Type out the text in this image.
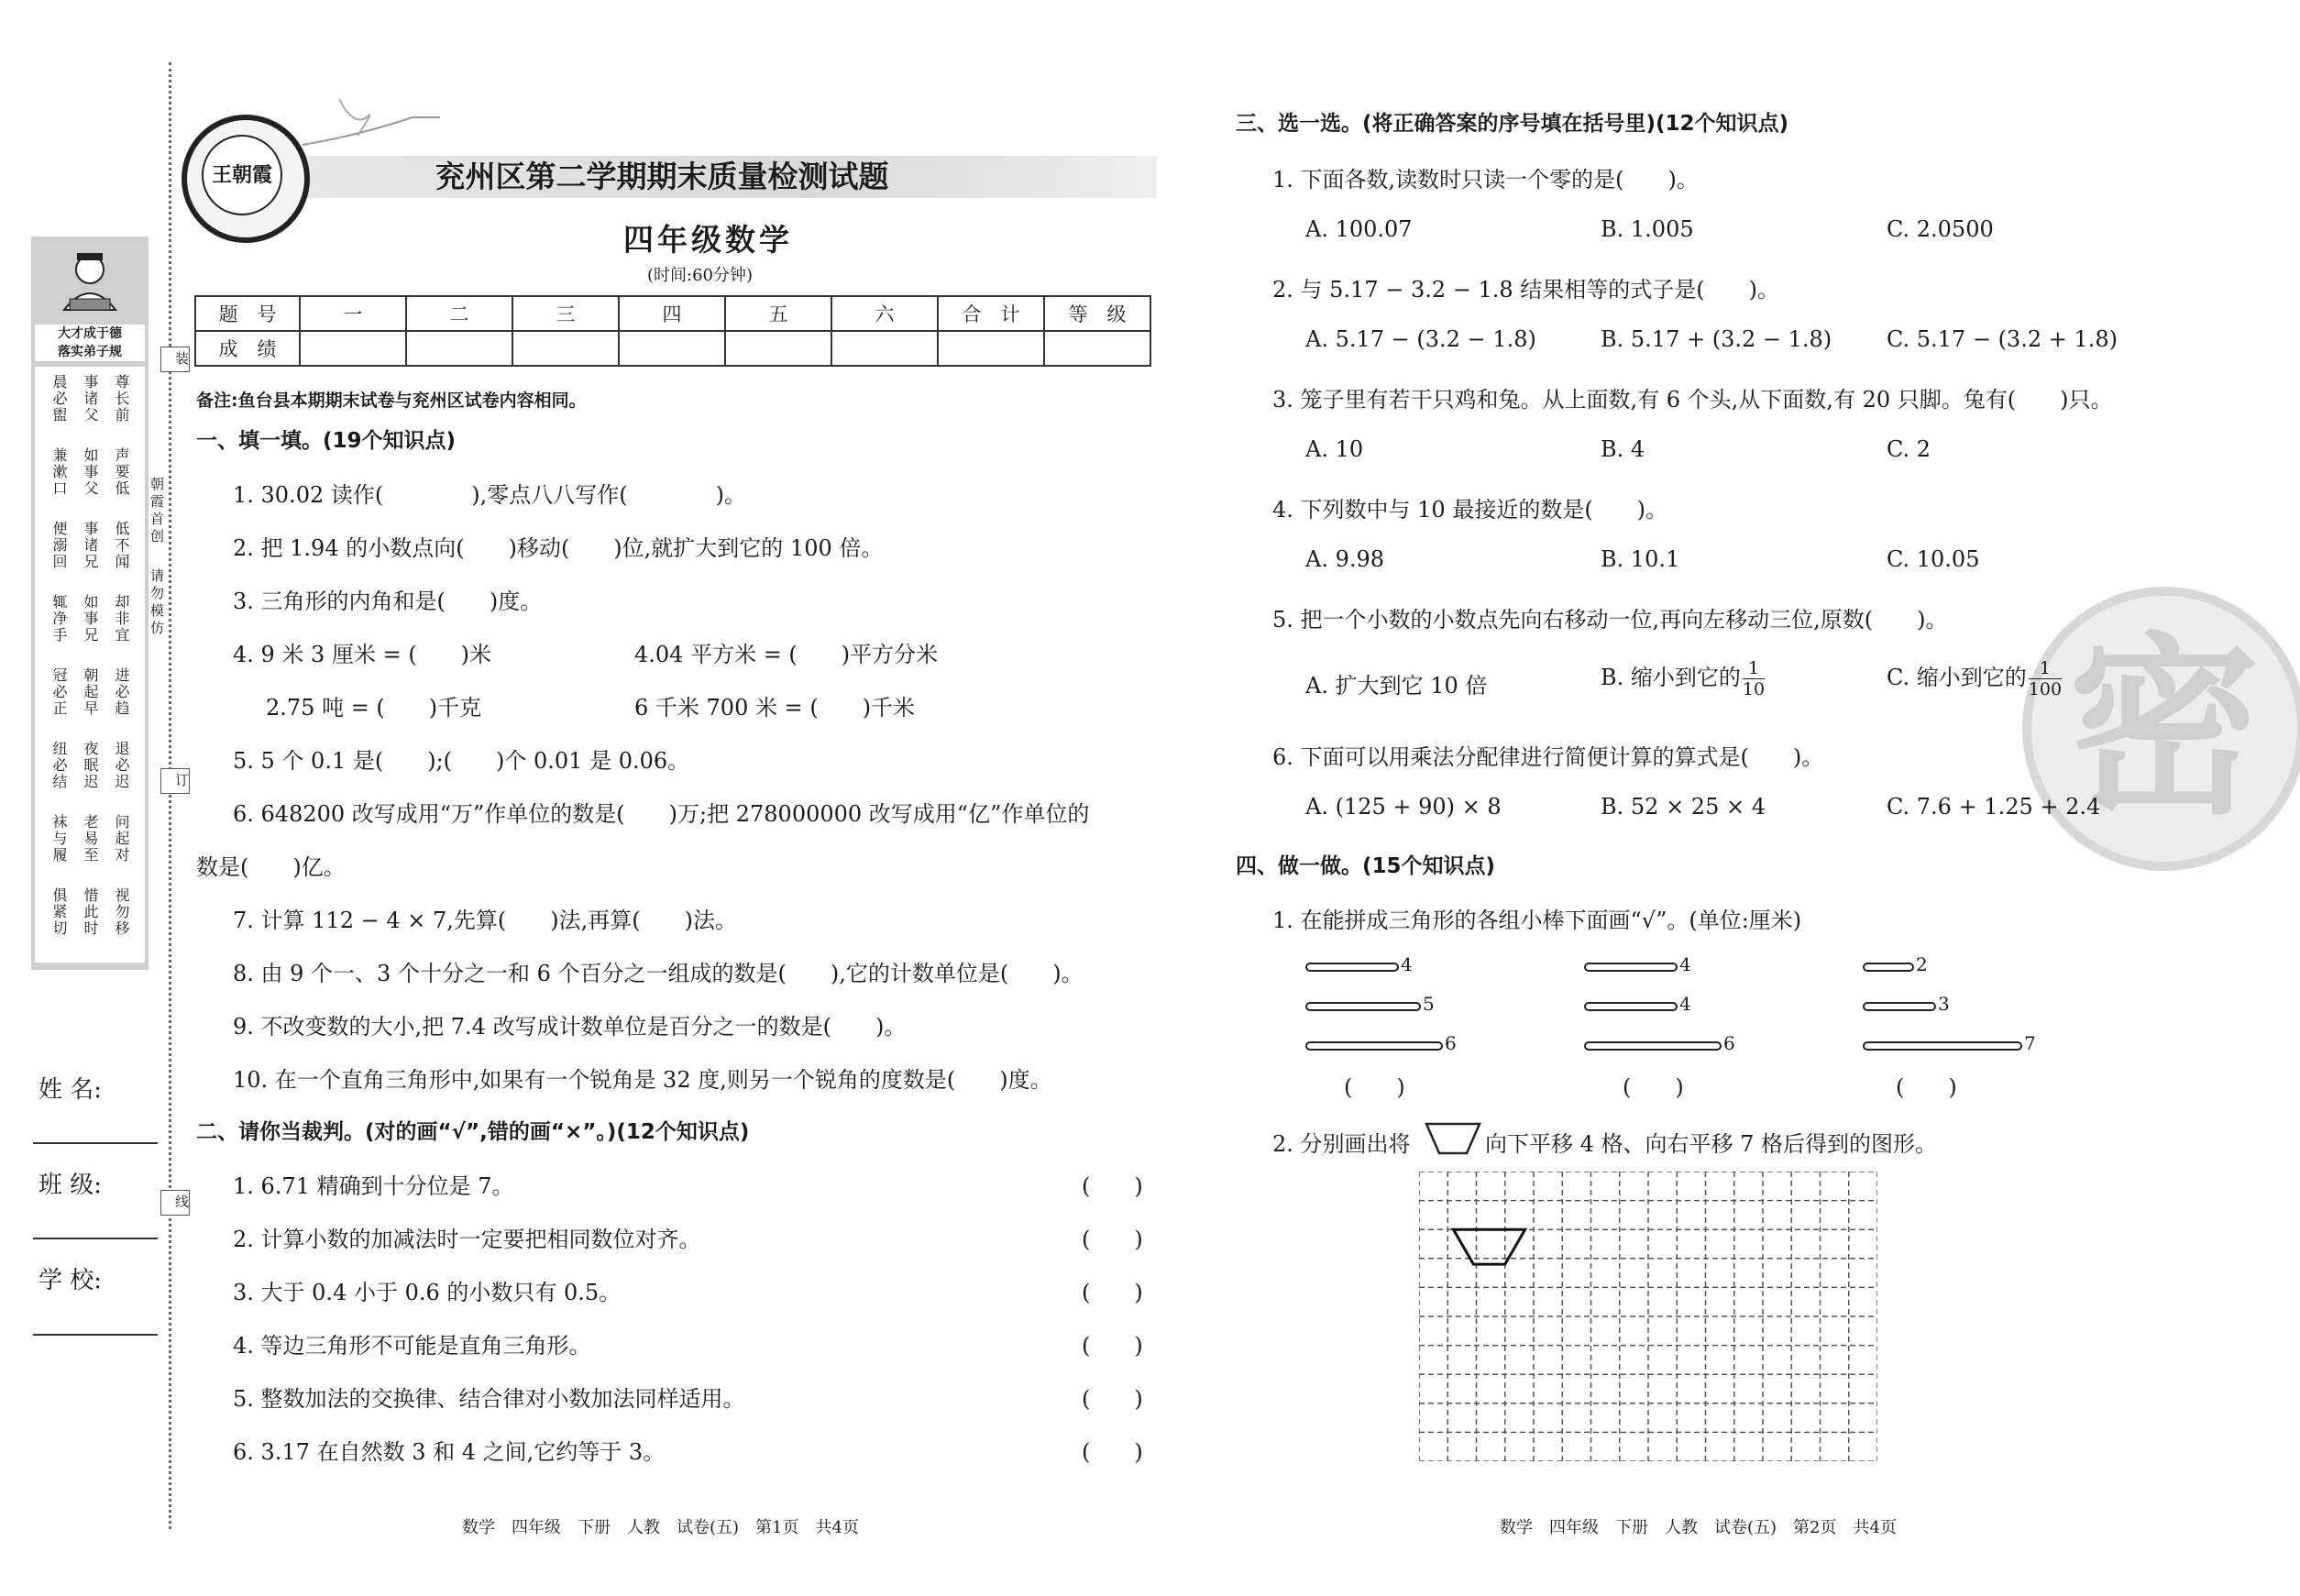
大才成于德
落实弟子规
晨必盥 事诸父 尊长前
兼漱口 如事父 声要低
便溺回 事诸兄 低不闻
辄净手 如事兄 却非宜
冠必正 朝起早 进必趋
纽必结 夜眠迟 退必迟
袜与履 老易至 问起对
俱紧切 惜此时 视勿移
装
订
线
朝霞首创
请勿模仿
姓 名:
班 级:
学 校:
兖州区第二学期期末质量检测试题
王朝霞
四年级数学
(时间:60分钟)
题　号	一	二	三	四	五	六	合　计	等　级
成　绩								
备注:鱼台县本期期末试卷与兖州区试卷内容相同。
一、填一填。(19个知识点)
1. 30.02 读作(　　　　),零点八八写作(　　　　)。
2. 把 1.94 的小数点向(　　)移动(　　)位,就扩大到它的 100 倍。
3. 三角形的内角和是(　　)度。
4. 9 米 3 厘米 = (　　)米	4.04 平方米 = (　　)平方分米
2.75 吨 = (　　)千克	6 千米 700 米 = (　　)千米
5. 5 个 0.1 是(　　);(　　)个 0.01 是 0.06。
6. 648200 改写成用“万”作单位的数是(　　)万;把 278000000 改写成用“亿”作单位的
数是(　　)亿。
7. 计算 112 − 4 × 7,先算(　　)法,再算(　　)法。
8. 由 9 个一、3 个十分之一和 6 个百分之一组成的数是(　　),它的计数单位是(　　)。
9. 不改变数的大小,把 7.4 改写成计数单位是百分之一的数是(　　)。
10. 在一个直角三角形中,如果有一个锐角是 32 度,则另一个锐角的度数是(　　)度。
二、请你当裁判。(对的画“√”,错的画“×”。)(12个知识点)
1. 6.71 精确到十分位是 7。	(　　)
2. 计算小数的加减法时一定要把相同数位对齐。	(　　)
3. 大于 0.4 小于 0.6 的小数只有 0.5。	(　　)
4. 等边三角形不可能是直角三角形。	(　　)
5. 整数加法的交换律、结合律对小数加法同样适用。	(　　)
6. 3.17 在自然数 3 和 4 之间,它约等于 3。	(　　)
数学　四年级　下册　人教　试卷(五)　第1页　共4页
密
三、选一选。(将正确答案的序号填在括号里)(12个知识点)
1. 下面各数,读数时只读一个零的是(　　)。
A. 100.07	B. 1.005	C. 2.0500
2. 与 5.17 − 3.2 − 1.8 结果相等的式子是(　　)。
A. 5.17 − (3.2 − 1.8)	B. 5.17 + (3.2 − 1.8) C. 5.17 − (3.2 + 1.8)
3. 笼子里有若干只鸡和兔。从上面数,有 6 个头,从下面数,有 20 只脚。兔有(　　)只。
A. 10	B. 4	C. 2
4. 下列数中与 10 最接近的数是(　　)。
A. 9.98	B. 10.1	C. 10.05
5. 把一个小数的小数点先向右移动一位,再向左移动三位,原数(　　)。
A. 扩大到它 10 倍	B. 缩小到它的 $\frac{1}{10}$	C. 缩小到它的 $\frac{1}{100}$
6. 下面可以用乘法分配律进行简便计算的算式是(　　)。
A. (125 + 90) × 8	B. 52 × 25 × 4	C. 7.6 + 1.25 + 2.4
四、做一做。(15个知识点)
1. 在能拼成三角形的各组小棒下面画“√”。(单位:厘米)
4
5
6
(　　)
4
4
6
(　　)
2
3
7
(　　)
2. 分别画出将	向下平移 4 格、向右平移 7 格后得到的图形。
数学　四年级　下册　人教　试卷(五)　第2页　共4页
